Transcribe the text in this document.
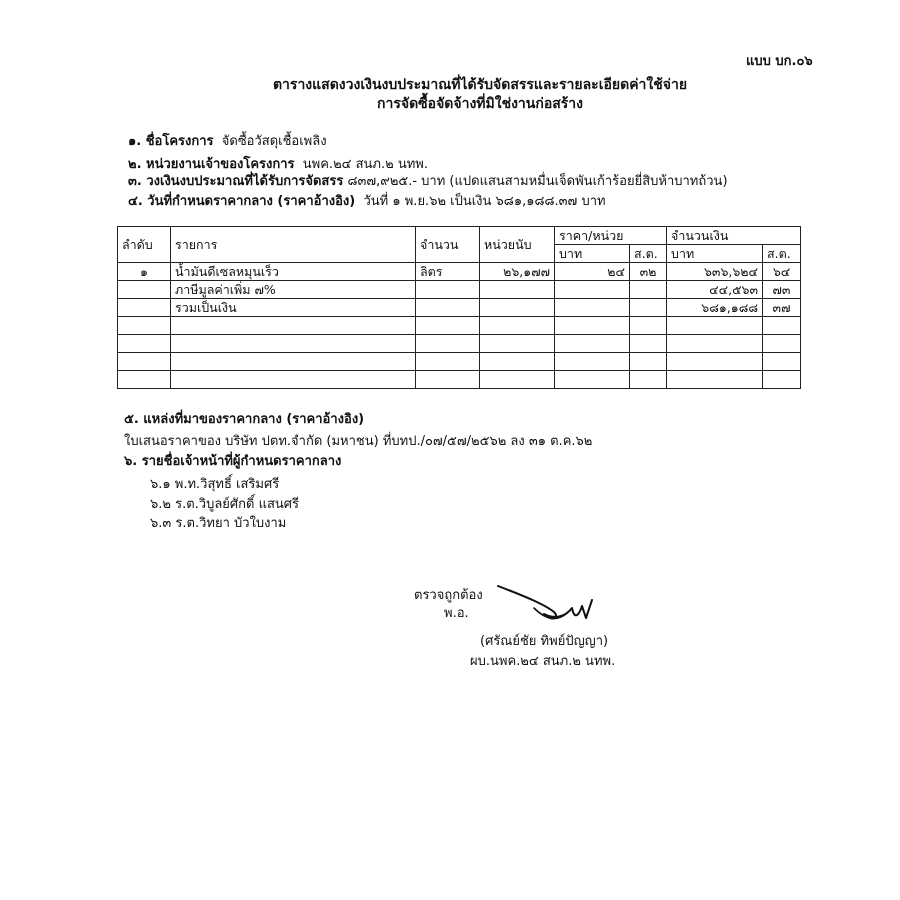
แบบ บก.๐๖
ตารางแสดงวงเงินงบประมาณที่ได้รับจัดสรรและรายละเอียดค่าใช้จ่าย
การจัดซื้อจัดจ้างที่มิใช่งานก่อสร้าง
๑. ชื่อโครงการ จัดซื้อวัสดุเชื้อเพลิง
๒. หน่วยงานเจ้าของโครงการ นพค.๒๔ สนภ.๒ นทพ.
๓. วงเงินงบประมาณที่ได้รับการจัดสรร ๘๓๗,๙๒๕.- บาท (แปดแสนสามหมื่นเจ็ดพันเก้าร้อยยี่สิบห้าบาทถ้วน)
๔. วันที่กำหนดราคากลาง (ราคาอ้างอิง) วันที่ ๑ พ.ย.๖๒ เป็นเงิน ๖๘๑,๑๘๘.๓๗ บาท
ลำดับ	รายการ	จำนวน	หน่วยนับ	ราคา/หน่วย		จำนวนเงิน	
				บาท	ส.ต.	บาท	ส.ต.
๑	น้ำมันดีเซลหมุนเร็ว	ลิตร	๒๖,๑๗๗	๒๔	๓๒	๖๓๖,๖๒๔	๖๔
	ภาษีมูลค่าเพิ่ม ๗%					๔๔,๕๖๓	๗๓
	รวมเป็นเงิน					๖๘๑,๑๘๘	๓๗

๕. แหล่งที่มาของราคากลาง (ราคาอ้างอิง)
ใบเสนอราคาของ บริษัท ปตท.จำกัด (มหาชน) ที่บทป./๐๗/๕๗/๒๕๖๒ ลง ๓๑ ต.ค.๖๒
๖. รายชื่อเจ้าหน้าที่ผู้กำหนดราคากลาง
๖.๑ พ.ท.วิสุทธิ์ เสริมศรี
๖.๒ ร.ต.วิบูลย์ศักดิ์ แสนศรี
๖.๓ ร.ต.วิทยา บัวใบงาม
ตรวจถูกต้อง
พ.อ.
(ศรัณย์ชัย ทิพย์ปัญญา)
ผบ.นพค.๒๔ สนภ.๒ นทพ.
